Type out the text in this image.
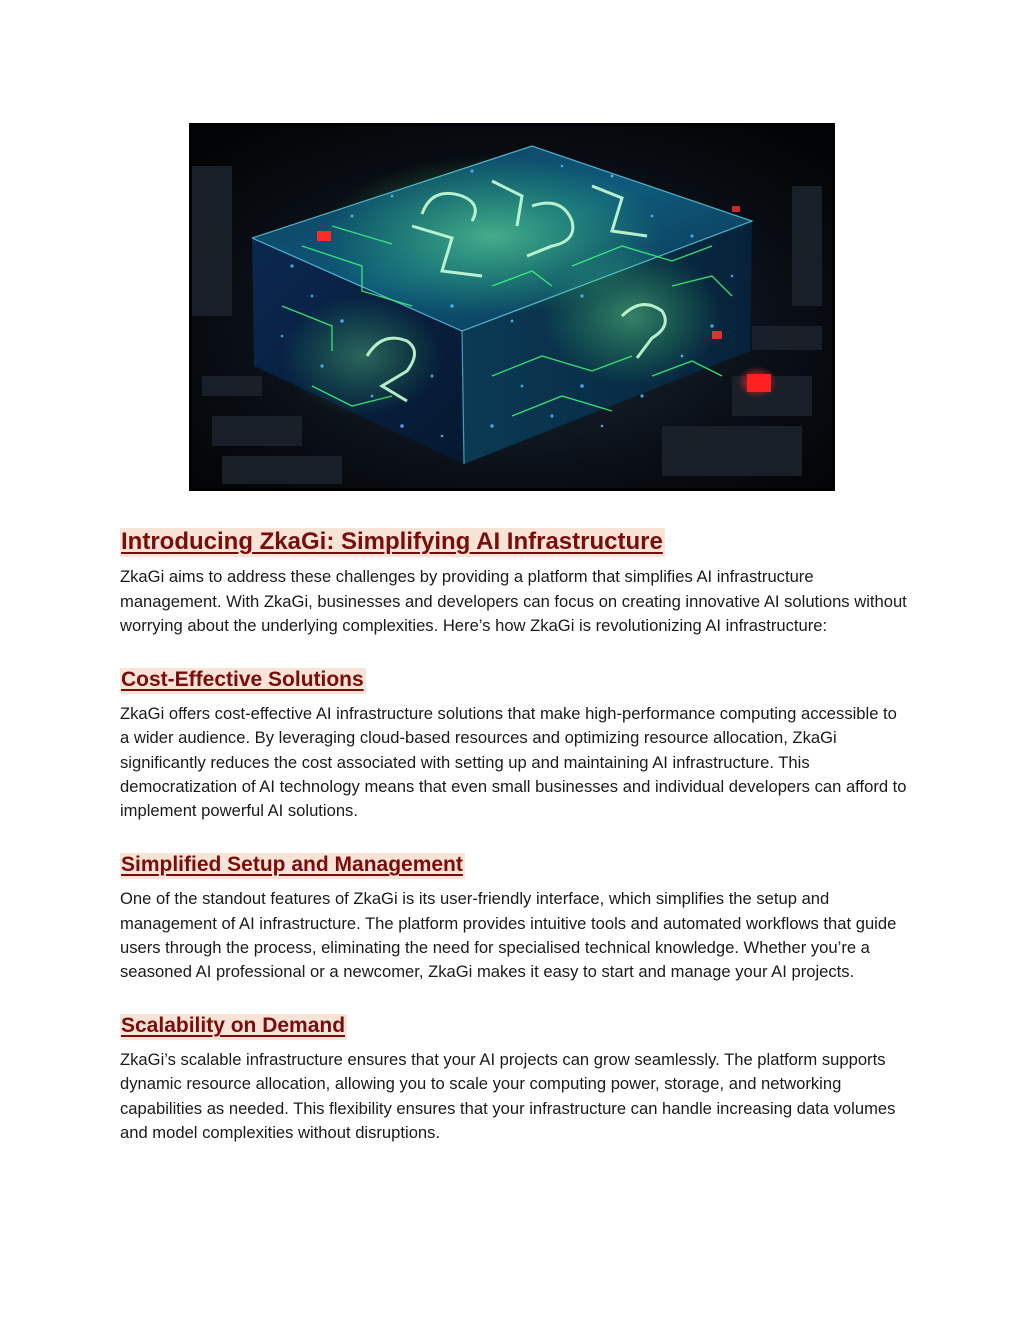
Introducing ZkaGi: Simplifying AI Infrastructure

ZkaGi aims to address these challenges by providing a platform that simplifies AI infrastructure management. With ZkaGi, businesses and developers can focus on creating innovative AI solutions without worrying about the underlying complexities. Here’s how ZkaGi is revolutionizing AI infrastructure:

Cost-Effective Solutions

ZkaGi offers cost-effective AI infrastructure solutions that make high-performance computing accessible to a wider audience. By leveraging cloud-based resources and optimizing resource allocation, ZkaGi significantly reduces the cost associated with setting up and maintaining AI infrastructure. This democratization of AI technology means that even small businesses and individual developers can afford to implement powerful AI solutions.

Simplified Setup and Management

One of the standout features of ZkaGi is its user-friendly interface, which simplifies the setup and management of AI infrastructure. The platform provides intuitive tools and automated workflows that guide users through the process, eliminating the need for specialised technical knowledge. Whether you’re a seasoned AI professional or a newcomer, ZkaGi makes it easy to start and manage your AI projects.

Scalability on Demand

ZkaGi’s scalable infrastructure ensures that your AI projects can grow seamlessly. The platform supports dynamic resource allocation, allowing you to scale your computing power, storage, and networking capabilities as needed. This flexibility ensures that your infrastructure can handle increasing data volumes and model complexities without disruptions.
